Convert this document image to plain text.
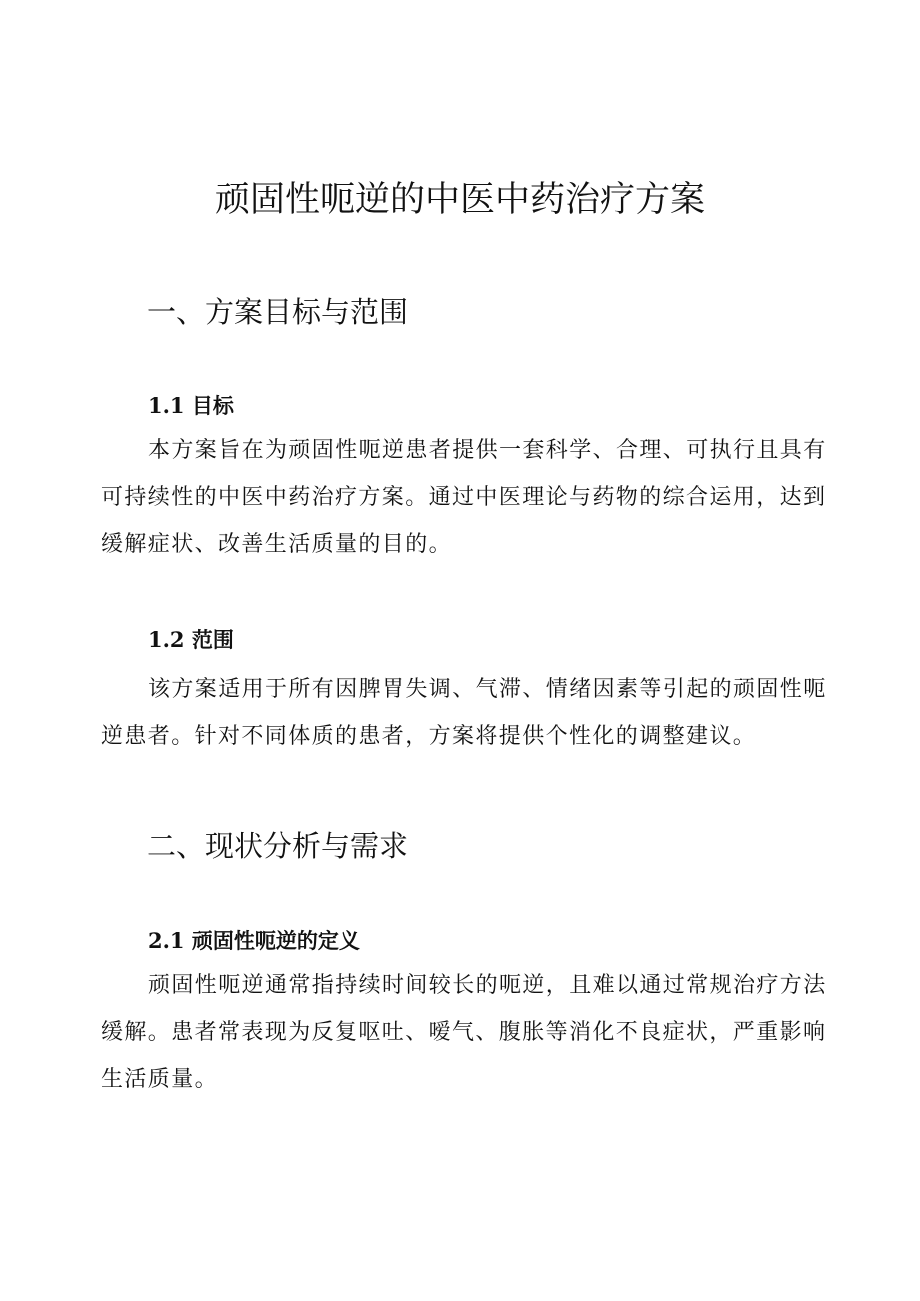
顽固性呃逆的中医中药治疗方案
一、方案目标与范围
1.1 目标

本方案旨在为顽固性呃逆患者提供一套科学、合理、可执行且具有
可持续性的中医中药治疗方案。通过中医理论与药物的综合运用，达到
缓解症状、改善生活质量的目的。

1.2 范围

该方案适用于所有因脾胃失调、气滞、情绪因素等引起的顽固性呃
逆患者。针对不同体质的患者，方案将提供个性化的调整建议。

二、现状分析与需求
2.1 顽固性呃逆的定义

顽固性呃逆通常指持续时间较长的呃逆，且难以通过常规治疗方法
缓解。患者常表现为反复呕吐、嗳气、腹胀等消化不良症状，严重影响
生活质量。
